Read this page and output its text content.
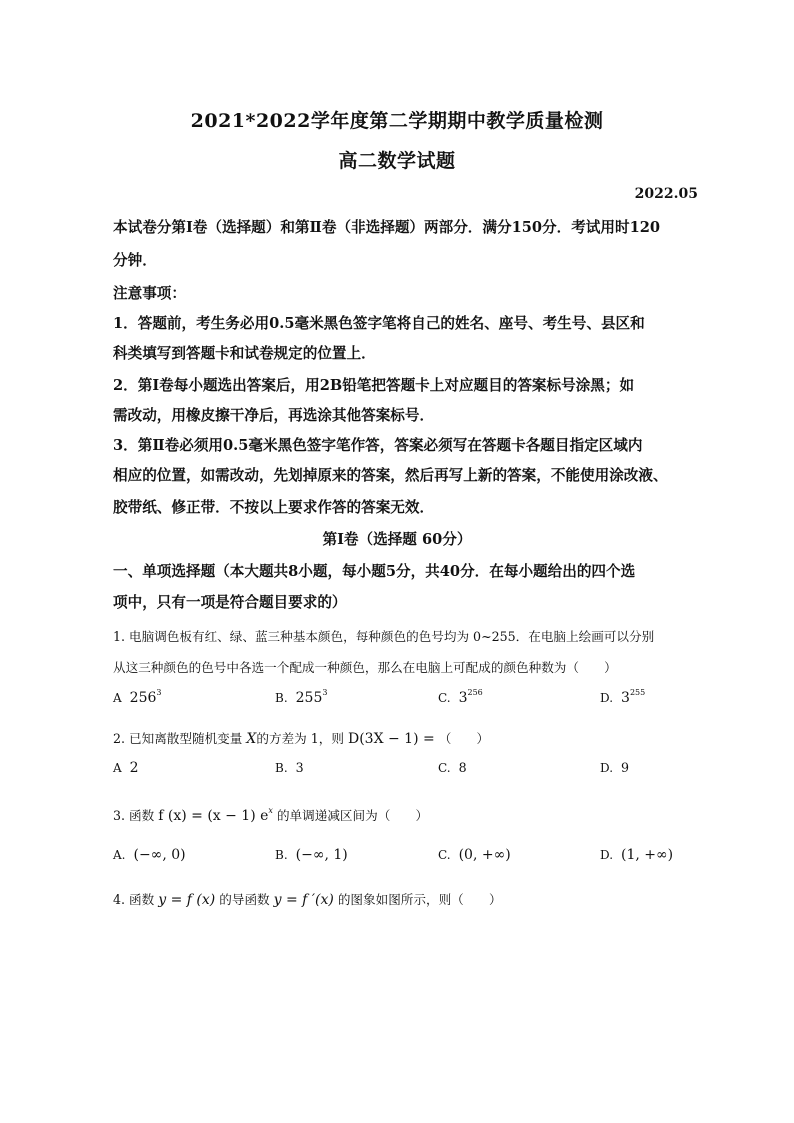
2021*2022学年度第二学期期中教学质量检测
高二数学试题
2022.05
本试卷分第Ⅰ卷（选择题）和第Ⅱ卷（非选择题）两部分．满分150分．考试用时120
分钟．
注意事项：
1．答题前，考生务必用0.5毫米黑色签字笔将自己的姓名、座号、考生号、县区和
科类填写到答题卡和试卷规定的位置上．
2．第Ⅰ卷每小题选出答案后，用2B铅笔把答题卡上对应题目的答案标号涂黑；如
需改动，用橡皮擦干净后，再选涂其他答案标号．
3．第Ⅱ卷必须用0.5毫米黑色签字笔作答，答案必须写在答题卡各题目指定区域内
相应的位置，如需改动，先划掉原来的答案，然后再写上新的答案，不能使用涂改液、
胶带纸、修正带．不按以上要求作答的答案无效．
第Ⅰ卷（选择题 60分）
一、单项选择题（本大题共8小题，每小题5分，共40分．在每小题给出的四个选
项中，只有一项是符合题目要求的）
1. 电脑调色板有红、绿、蓝三种基本颜色，每种颜色的色号均为 0~255．在电脑上绘画可以分别
从这三种颜色的色号中各选一个配成一种颜色，那么在电脑上可配成的颜色种数为（　　）
A $256^3$	B. $255^3$	C. $3^{256}$	D. $3^{255}$
2. 已知离散型随机变量 X的方差为 1，则 D(3X − 1) = （　　）
A 2	B. 3	C. 8	D. 9
3. 函数 f (x) = (x − 1) $e^x$ 的单调递减区间为（　　）
A. (−∞, 0)	B. (−∞, 1)	C. (0, +∞)	D. (1, +∞)
4. 函数 y = f (x) 的导函数 y = f ′(x) 的图象如图所示，则（　　）
